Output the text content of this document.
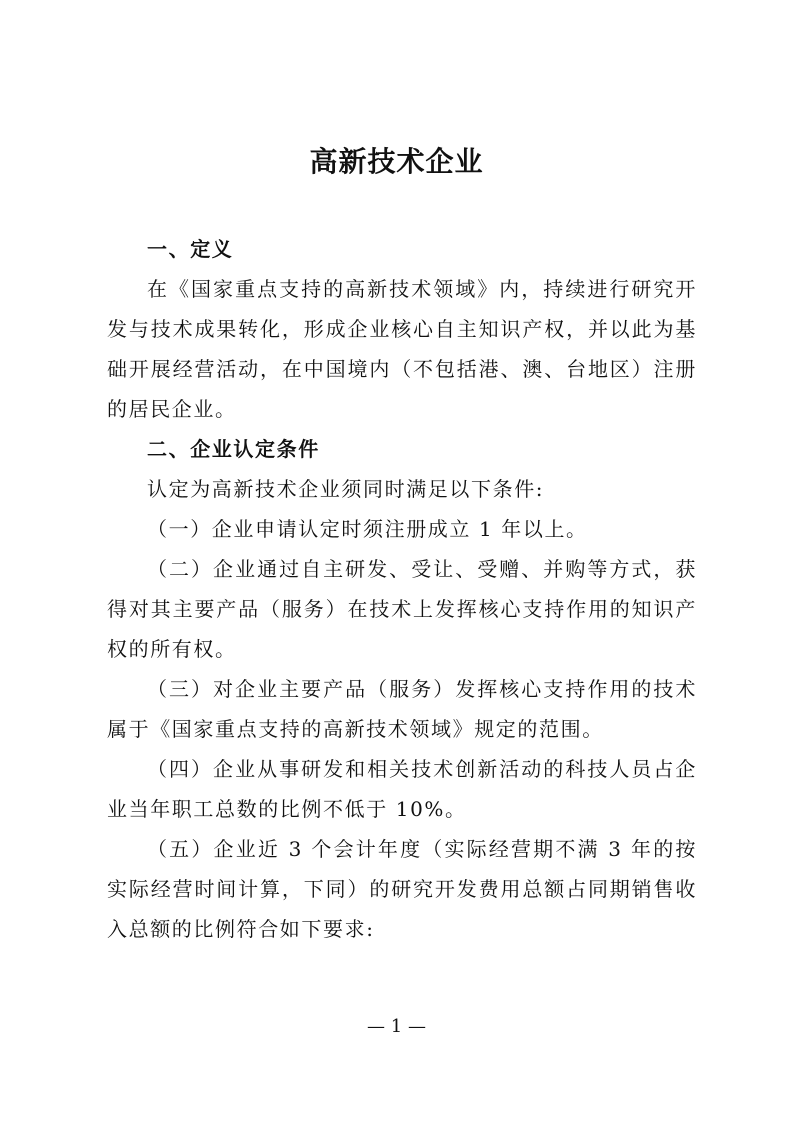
高新技术企业
一、定义

在《国家重点支持的高新技术领域》内，持续进行研究开发与技术成果转化，形成企业核心自主知识产权，并以此为基础开展经营活动，在中国境内（不包括港、澳、台地区）注册的居民企业。

二、企业认定条件

认定为高新技术企业须同时满足以下条件:

（一）企业申请认定时须注册成立 1 年以上。

（二）企业通过自主研发、受让、受赠、并购等方式，获得对其主要产品（服务）在技术上发挥核心支持作用的知识产权的所有权。

（三）对企业主要产品（服务）发挥核心支持作用的技术属于《国家重点支持的高新技术领域》规定的范围。

（四）企业从事研发和相关技术创新活动的科技人员占企业当年职工总数的比例不低于 10%。

（五）企业近 3 个会计年度（实际经营期不满 3 年的按实际经营时间计算，下同）的研究开发费用总额占同期销售收入总额的比例符合如下要求:

— 1 —
